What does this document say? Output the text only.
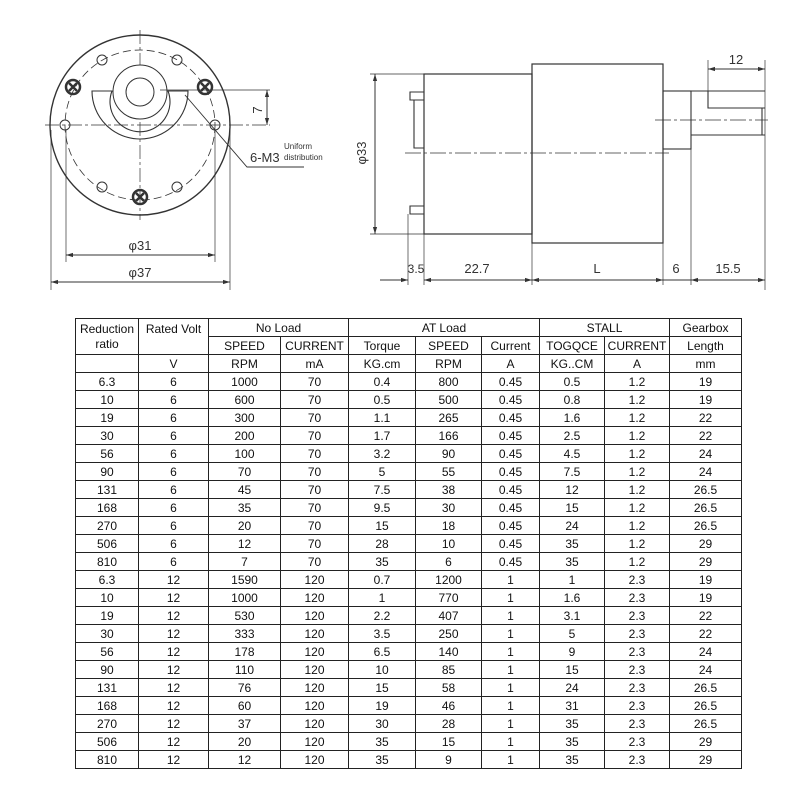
7
6-M3
Uniform
distribution
φ31
φ37
φ33
12
3.5	22.7	L	6	15.5
Reduction ratio	Rated Volt	No Load		AT Load			STALL		Gearbox
		SPEED	CURRENT	Torque	SPEED	Current	TOGQCE	CURRENT	Length
	V	RPM	mA	KG.cm	RPM	A	KG..CM	A	mm
6.3	6	1000	70	0.4	800	0.45	0.5	1.2	19
10	6	600	70	0.5	500	0.45	0.8	1.2	19
19	6	300	70	1.1	265	0.45	1.6	1.2	22
30	6	200	70	1.7	166	0.45	2.5	1.2	22
56	6	100	70	3.2	90	0.45	4.5	1.2	24
90	6	70	70	5	55	0.45	7.5	1.2	24
131	6	45	70	7.5	38	0.45	12	1.2	26.5
168	6	35	70	9.5	30	0.45	15	1.2	26.5
270	6	20	70	15	18	0.45	24	1.2	26.5
506	6	12	70	28	10	0.45	35	1.2	29
810	6	7	70	35	6	0.45	35	1.2	29
6.3	12	1590	120	0.7	1200	1	1	2.3	19
10	12	1000	120	1	770	1	1.6	2.3	19
19	12	530	120	2.2	407	1	3.1	2.3	22
30	12	333	120	3.5	250	1	5	2.3	22
56	12	178	120	6.5	140	1	9	2.3	24
90	12	110	120	10	85	1	15	2.3	24
131	12	76	120	15	58	1	24	2.3	26.5
168	12	60	120	19	46	1	31	2.3	26.5
270	12	37	120	30	28	1	35	2.3	26.5
506	12	20	120	35	15	1	35	2.3	29
810	12	12	120	35	9	1	35	2.3	29
